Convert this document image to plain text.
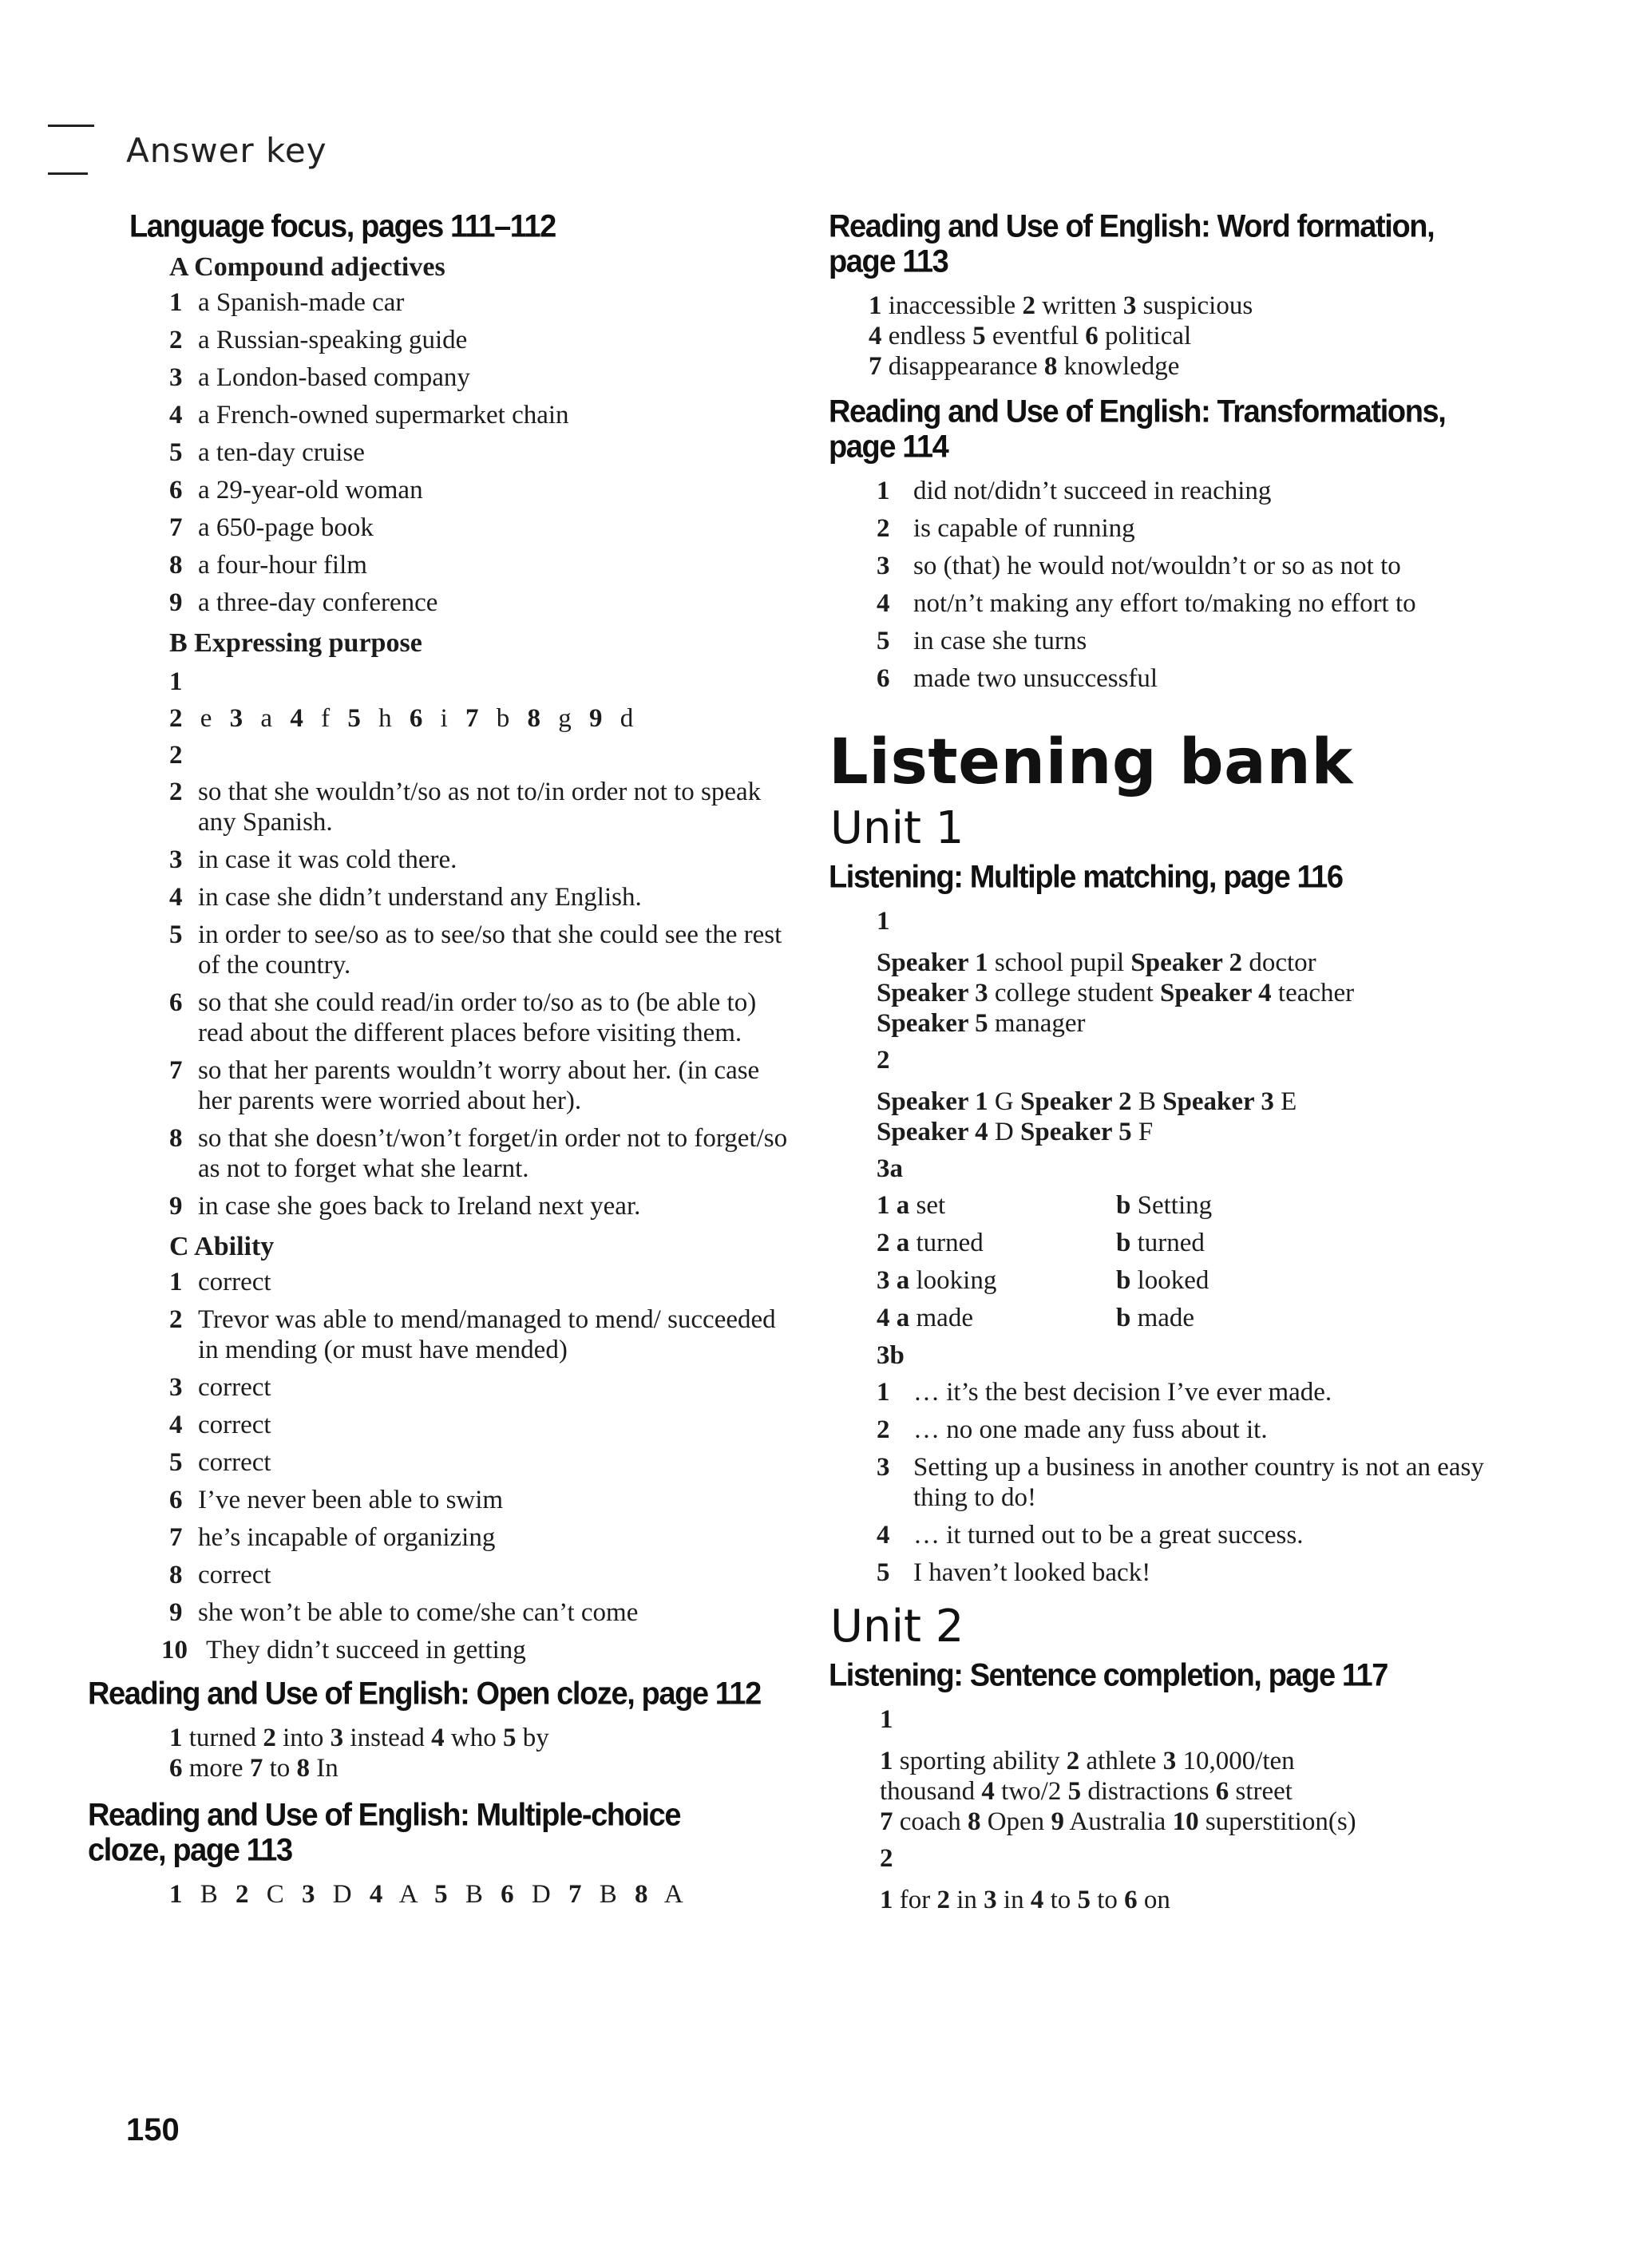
Answer key
Language focus, pages 111–112
A Compound adjectives
1 a Spanish-made car
2 a Russian-speaking guide
3 a London-based company
4 a French-owned supermarket chain
5 a ten-day cruise
6 a 29-year-old woman
7 a 650-page book
8 a four-hour film
9 a three-day conference
B Expressing purpose
1
2 e 3 a 4 f 5 h 6 i 7 b 8 g 9 d
2
2 so that she wouldn’t/so as not to/in order not to speak any Spanish.
3 in case it was cold there.
4 in case she didn’t understand any English.
5 in order to see/so as to see/so that she could see the rest of the country.
6 so that she could read/in order to/so as to (be able to) read about the different places before visiting them.
7 so that her parents wouldn’t worry about her. (in case her parents were worried about her).
8 so that she doesn’t/won’t forget/in order not to forget/so as not to forget what she learnt.
9 in case she goes back to Ireland next year.
C Ability
1 correct
2 Trevor was able to mend/managed to mend/ succeeded in mending (or must have mended)
3 correct
4 correct
5 correct
6 I’ve never been able to swim
7 he’s incapable of organizing
8 correct
9 she won’t be able to come/she can’t come
10 They didn’t succeed in getting
Reading and Use of English: Open cloze, page 112
1 turned 2 into 3 instead 4 who 5 by
6 more 7 to 8 In
Reading and Use of English: Multiple-choice
cloze, page 113
1 B 2 C 3 D 4 A 5 B 6 D 7 B 8 A
Reading and Use of English: Word formation,
page 113
1 inaccessible 2 written 3 suspicious
4 endless 5 eventful 6 political
7 disappearance 8 knowledge
Reading and Use of English: Transformations,
page 114
1 did not/didn’t succeed in reaching
2 is capable of running
3 so (that) he would not/wouldn’t or so as not to
4 not/n’t making any effort to/making no effort to
5 in case she turns
6 made two unsuccessful
Listening bank
Unit 1
Listening: Multiple matching, page 116
1
Speaker 1 school pupil Speaker 2 doctor
Speaker 3 college student Speaker 4 teacher
Speaker 5 manager
2
Speaker 1 G Speaker 2 B Speaker 3 E
Speaker 4 D Speaker 5 F
3a
1 a set	b Setting
2 a turned	b turned
3 a looking	b looked
4 a made	b made
3b
1 … it’s the best decision I’ve ever made.
2 … no one made any fuss about it.
3 Setting up a business in another country is not an easy thing to do!
4 … it turned out to be a great success.
5 I haven’t looked back!
Unit 2
Listening: Sentence completion, page 117
1
1 sporting ability 2 athlete 3 10,000/ten
thousand 4 two/2 5 distractions 6 street
7 coach 8 Open 9 Australia 10 superstition(s)
2
1 for 2 in 3 in 4 to 5 to 6 on
150
